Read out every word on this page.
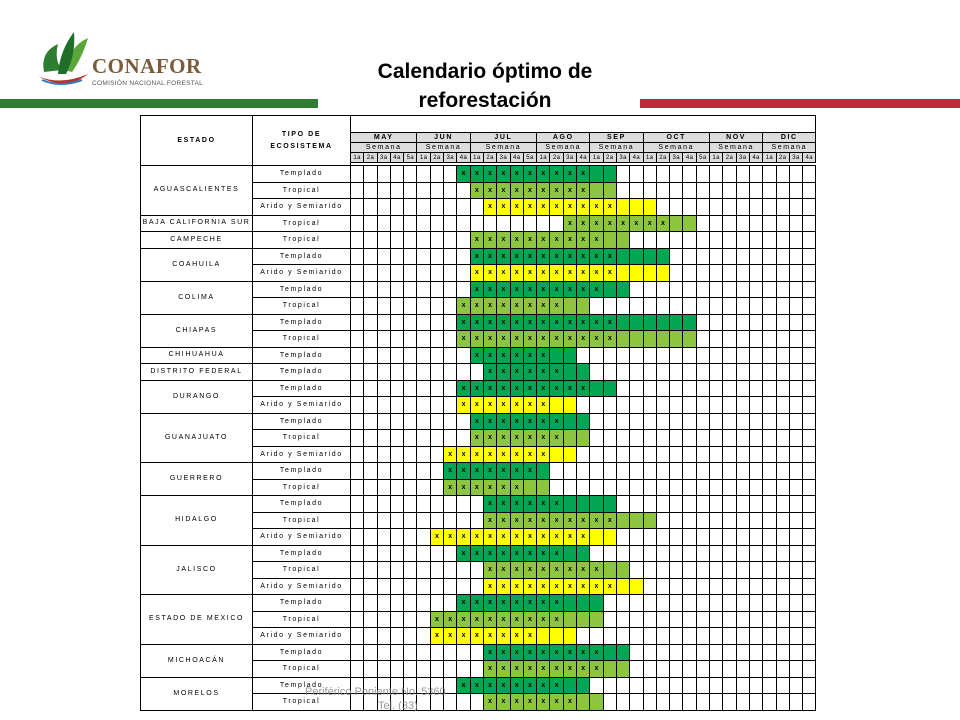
CONAFOR
COMISIÓN NACIONAL FORESTAL
Calendario óptimo de
reforestación
ESTADO	TIPO DE ECOSISTEMA																																			
		MAY					JUN				JUL					AGO				SEP				OCT					NOV				DIC			
		Semana					Semana				Semana					Semana				Semana				Semana					Semana				Semana			
		1a	2a	3a	4a	5a	1a	2a	3a	4a	1a	2a	3a	4a	5a	1a	2a	3a	4a	1a	2a	3a	4a	1a	2a	3a	4a	5a	1a	2a	3a	4a	1a	2a	3a	4a

AGUASCALIENTES	Templado									x	x	x	x	x	x	x	x	x	x																	
	Tropical										x	x	x	x	x	x	x	x	x																	
	Arido y Semiarido											x	x	x	x	x	x	x	x	x	x															
BAJA CALIFORNIA SUR	Tropical																	x	x	x	x	x	x	x	x											
CAMPECHE	Tropical										x	x	x	x	x	x	x	x	x	x																
COAHUILA	Templado										x	x	x	x	x	x	x	x	x	x	x															
	Arido y Semiarido										x	x	x	x	x	x	x	x	x	x	x															
COLIMA	Templado										x	x	x	x	x	x	x	x	x	x																
	Tropical									x	x	x	x	x	x	x	x																			
CHIAPAS	Templado									x	x	x	x	x	x	x	x	x	x	x	x															
	Tropical									x	x	x	x	x	x	x	x	x	x	x	x															
CHIHUAHUA	Templado										x	x	x	x	x	x																				
DISTRITO FEDERAL	Templado											x	x	x	x	x	x																			
DURANGO	Templado									x	x	x	x	x	x	x	x	x	x																	
	Arido y Semiarido									x	x	x	x	x	x	x																				
GUANAJUATO	Templado										x	x	x	x	x	x	x																			
	Tropical										x	x	x	x	x	x	x																			
	Arido y Semiarido								x	x	x	x	x	x	x	x																				
GUERRERO	Templado								x	x	x	x	x	x	x																					
	Tropical								x	x	x	x	x	x																						
HIDALGO	Templado											x	x	x	x	x	x																			
	Tropical											x	x	x	x	x	x	x	x	x	x															
	Arido y Semiarido							x	x	x	x	x	x	x	x	x	x	x	x																	
JALISCO	Templado									x	x	x	x	x	x	x	x																			
	Tropical											x	x	x	x	x	x	x	x	x																
	Arido y Semiarido											x	x	x	x	x	x	x	x	x	x															
ESTADO DE MEXICO	Templado									x	x	x	x	x	x	x	x																			
	Tropical							x	x	x	x	x	x	x	x	x	x																			
	Arido y Semiarido							x	x	x	x	x	x	x	x																					
MICHOACÁN	Templado											x	x	x	x	x	x	x	x	x																
	Tropical											x	x	x	x	x	x	x	x	x																
MORELOS	Templado									x	x	x	x	x	x	x	x																			
	Tropical											x	x	x	x	x	x	x																		
Periférico Poniente No. 5360
Tel. (33)
